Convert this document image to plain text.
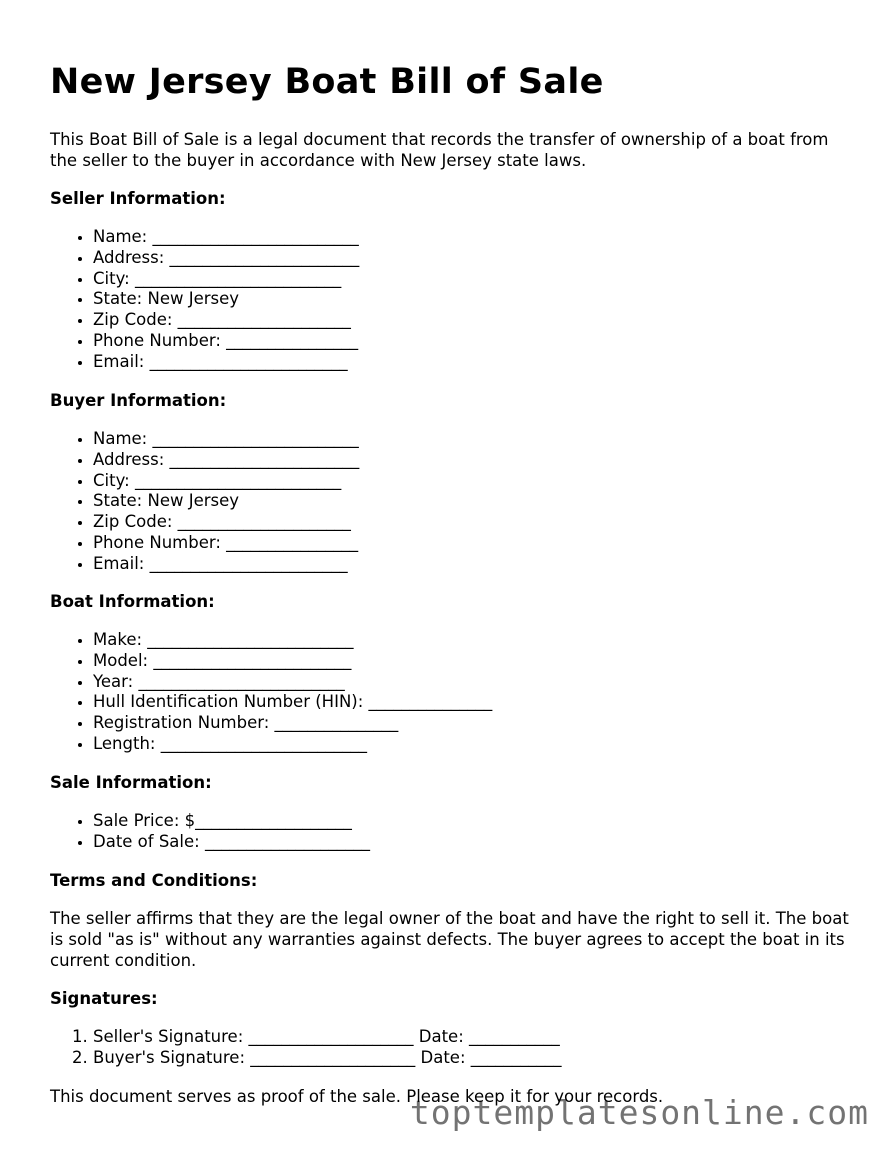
New Jersey Boat Bill of Sale

This Boat Bill of Sale is a legal document that records the transfer of ownership of a boat from the seller to the buyer in accordance with New Jersey state laws.

Seller Information:

• Name: _________________________
• Address: _______________________
• City: _________________________
• State: New Jersey
• Zip Code: _____________________
• Phone Number: ________________
• Email: ________________________

Buyer Information:

• Name: _________________________
• Address: _______________________
• City: _________________________
• State: New Jersey
• Zip Code: _____________________
• Phone Number: ________________
• Email: ________________________

Boat Information:

• Make: _________________________
• Model: ________________________
• Year: _________________________
• Hull Identification Number (HIN): _______________
• Registration Number: _______________
• Length: _________________________

Sale Information:

• Sale Price: $___________________
• Date of Sale: ____________________

Terms and Conditions:

The seller affirms that they are the legal owner of the boat and have the right to sell it. The boat is sold "as is" without any warranties against defects. The buyer agrees to accept the boat in its current condition.

Signatures:

1. Seller's Signature: ____________________ Date: ___________
2. Buyer's Signature: ____________________ Date: ___________

This document serves as proof of the sale. Please keep it for your records.

toptemplatesonline.com
